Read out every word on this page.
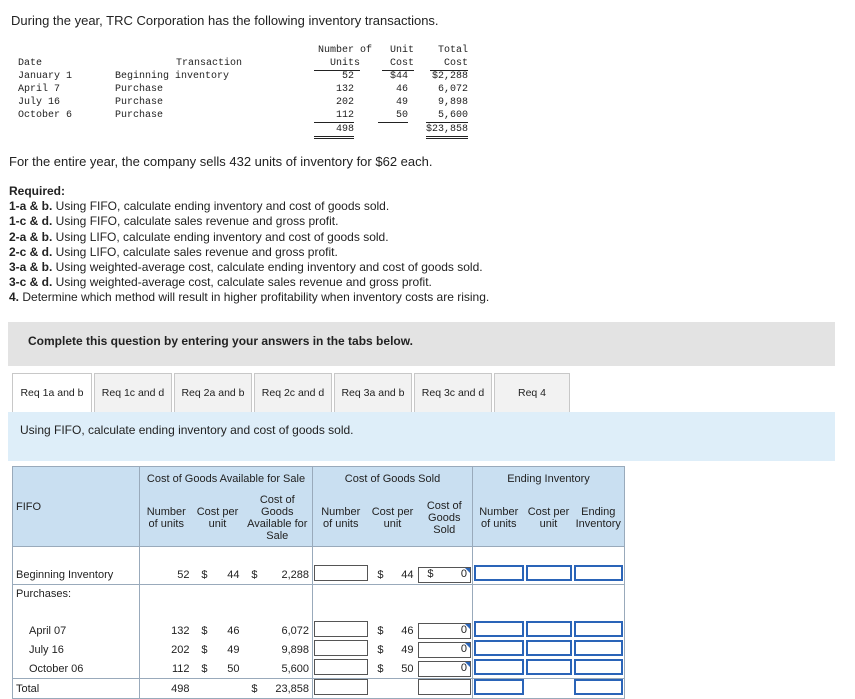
During the year, TRC Corporation has the following inventory transactions.
Date	Transaction
Number of
Units
Unit
Cost
Total
Cost
January 1	Beginning inventory	52	$44	$2,288
April 7	Purchase	132	46	6,072
July 16	Purchase	202	49	9,898
October 6	Purchase	112	50	5,600
498	$23,858
For the entire year, the company sells 432 units of inventory for $62 each.
Required:
1-a & b. Using FIFO, calculate ending inventory and cost of goods sold.
1-c & d. Using FIFO, calculate sales revenue and gross profit.
2-a & b. Using LIFO, calculate ending inventory and cost of goods sold.
2-c & d. Using LIFO, calculate sales revenue and gross profit.
3-a & b. Using weighted-average cost, calculate ending inventory and cost of goods sold.
3-c & d. Using weighted-average cost, calculate sales revenue and gross profit.
4. Determine which method will result in higher profitability when inventory costs are rising.
Complete this question by entering your answers in the tabs below.
Req 1a and b	Req 1c and d	Req 2a and b	Req 2c and d	Req 3a and b	Req 3c and d	Req 4
Using FIFO, calculate ending inventory and cost of goods sold.
	Cost of Goods Available for Sale			Cost of Goods Sold			Ending Inventory		
FIFO	Number of units	Cost per unit	Cost of Goods Available for Sale	Number of units	Cost per unit	Cost of Goods Sold	Number of units	Cost per unit	Ending Inventory

Beginning Inventory	52	$ 44	$ 2,288		$ 44	$ 0

Purchases:									

April 07	132	$ 46	6,072		$ 46	0

July 16	202	$ 49	9,898		$ 49	0

October 06	112	$ 50	5,600		$ 50	0

Total	498		$ 23,858						
